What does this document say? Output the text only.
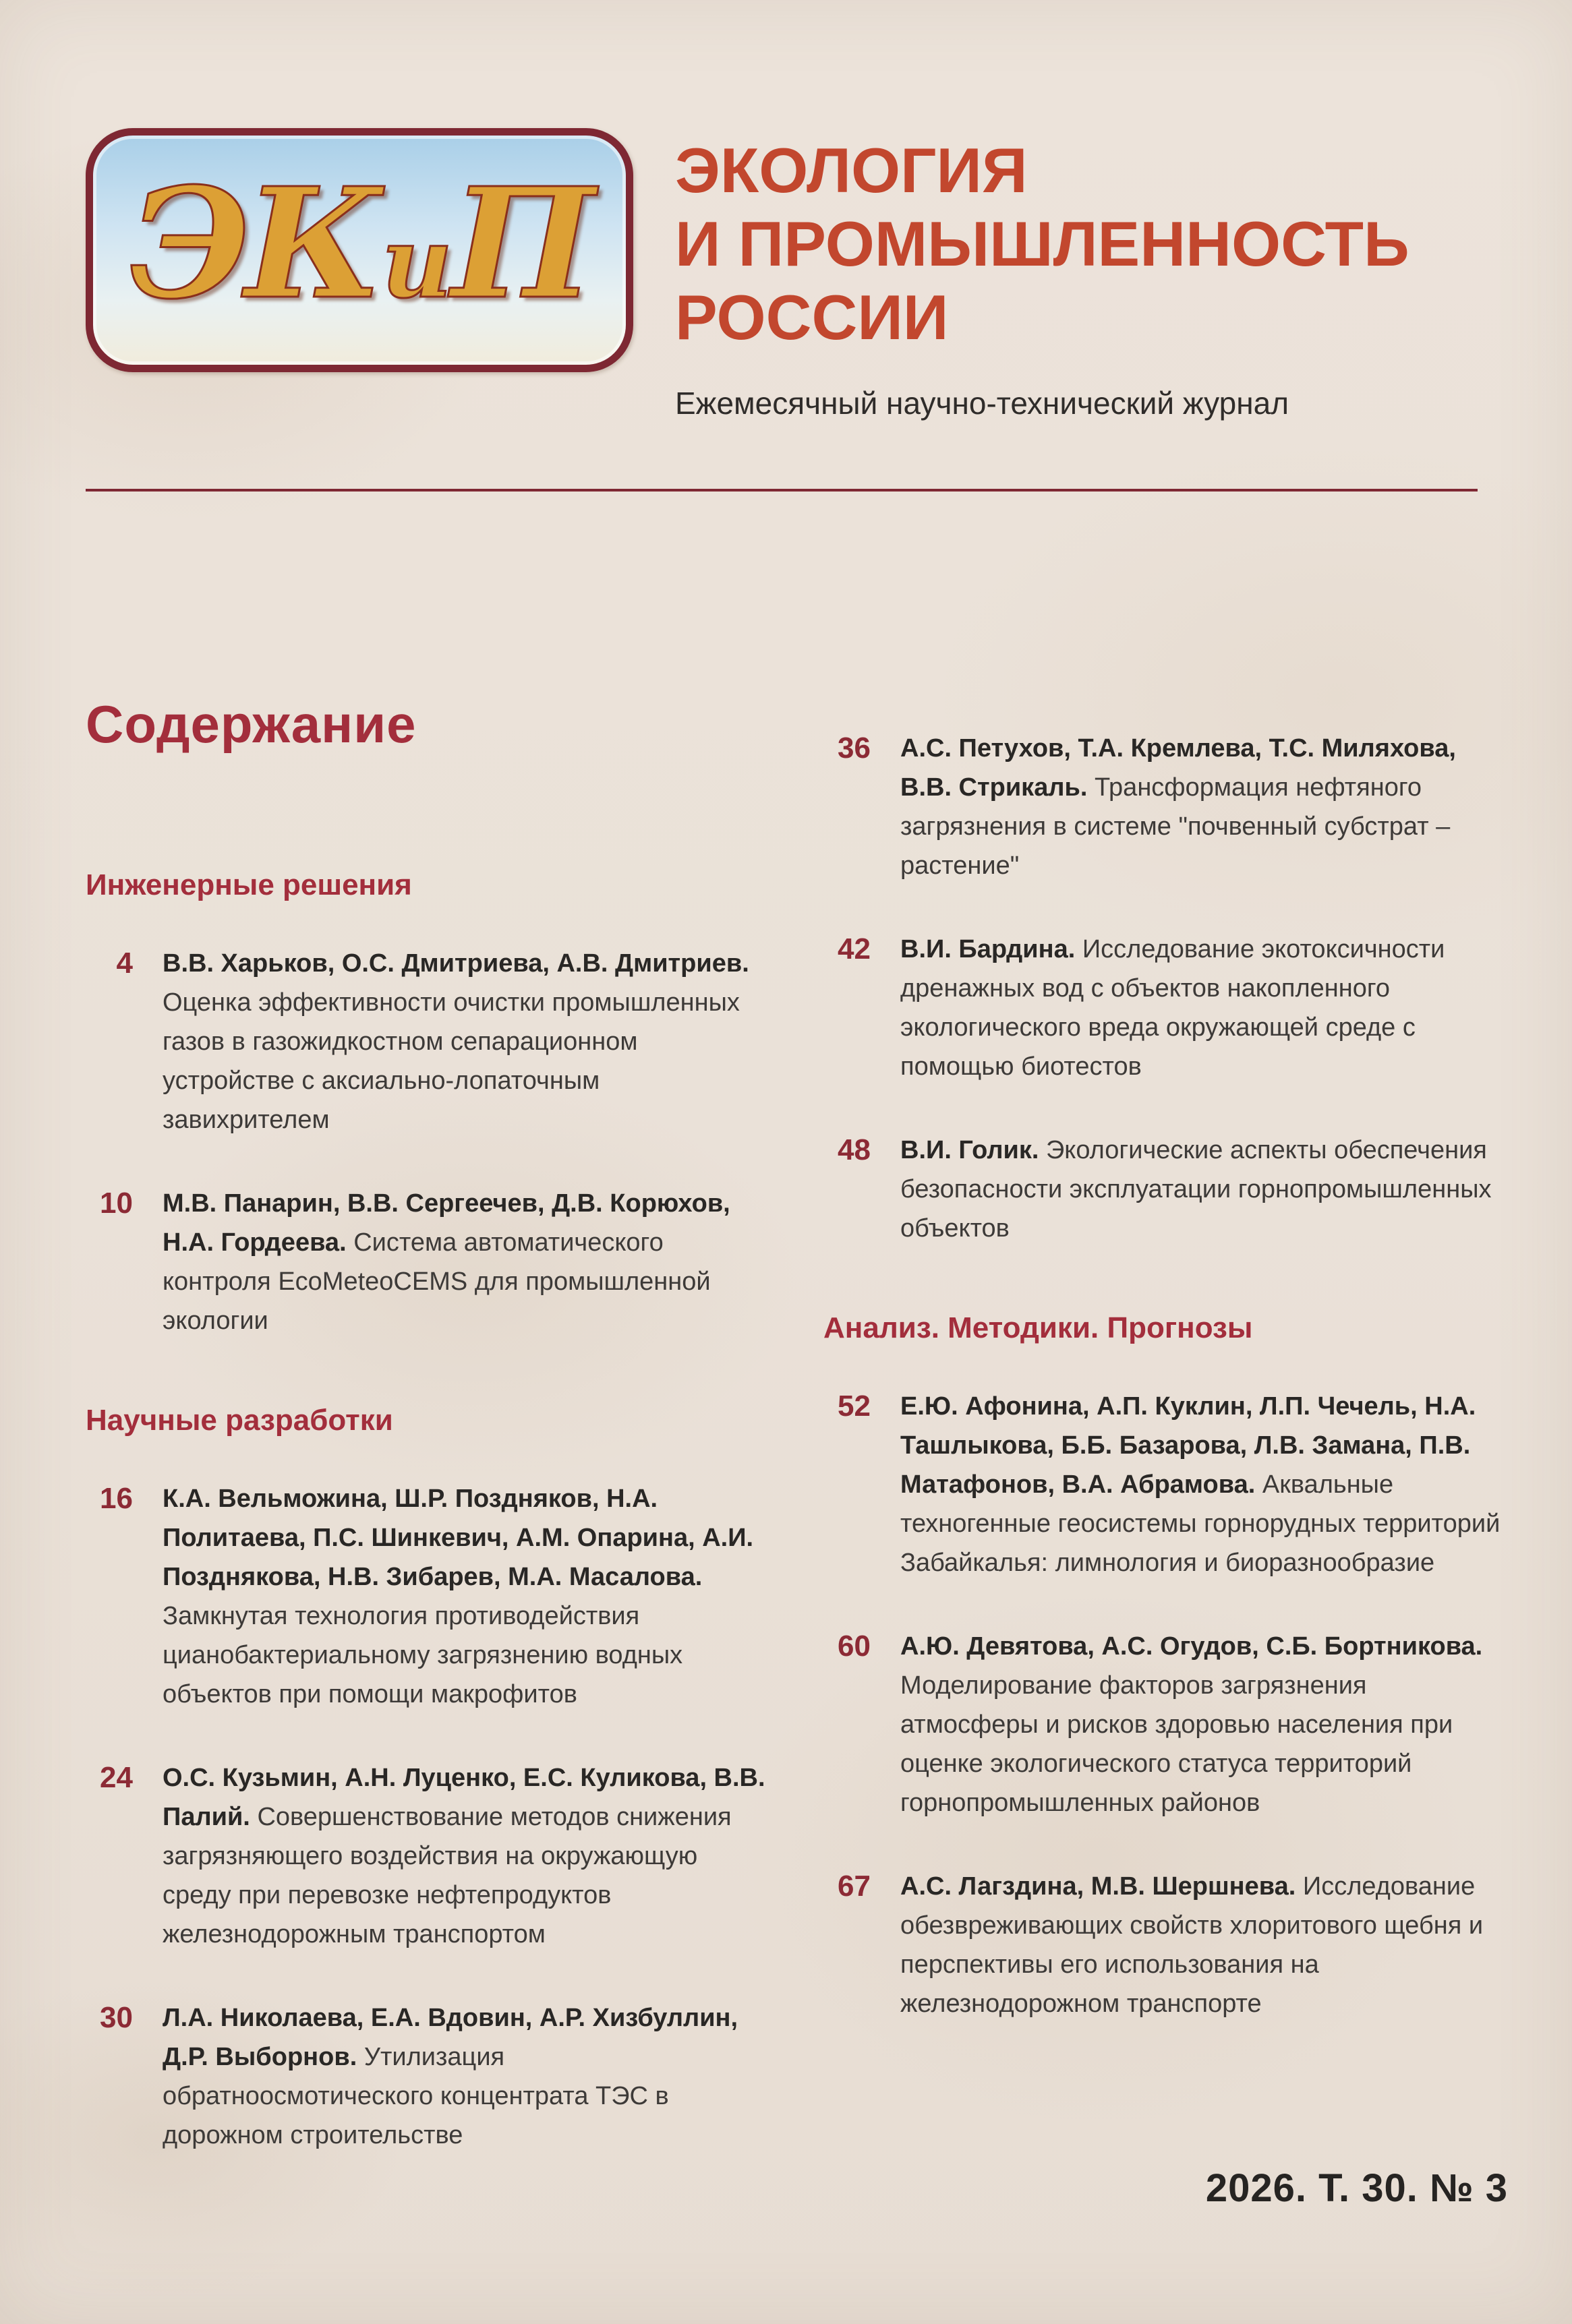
ЭК и П ЭКОЛОГИЯ
И ПРОМЫШЛЕННОСТЬ
РОССИИ

Ежемесячный научно-технический журнал

Содержание
Инженерные решения
4 В.В. Харьков, О.С. Дмитриева, А.В. Дмитриев. Оценка эффективности очистки промышленных газов в газожидкостном сепарационном устройстве с аксиально-лопаточным завихрителем

10 М.В. Панарин, В.В. Сергеечев, Д.В. Корюхов, Н.А. Гордеева. Система автоматического контроля EcoMeteoCEMS для промышленной экологии

Научные разработки
16 К.А. Вельможина, Ш.Р. Поздняков, Н.А. Политаева, П.С. Шинкевич, А.М. Опарина, А.И. Позднякова, Н.В. Зибарев, М.А. Масалова. Замкнутая технология противодействия цианобактериальному загрязнению водных объектов при помощи макрофитов

24 О.С. Кузьмин, А.Н. Луценко, Е.С. Куликова, В.В. Палий. Совершенствование методов снижения загрязняющего воздействия на окружающую среду при перевозке нефтепродуктов железнодорожным транспортом

30 Л.А. Николаева, Е.А. Вдовин, А.Р. Хизбуллин, Д.Р. Выборнов. Утилизация обратноосмотического концентрата ТЭС в дорожном строительстве

36 А.С. Петухов, Т.А. Кремлева, Т.С. Миляхова, В.В. Стрикаль. Трансформация нефтяного загрязнения в системе "почвенный субстрат – растение"

42 В.И. Бардина. Исследование экотоксичности дренажных вод с объектов накопленного экологического вреда окружающей среде с помощью биотестов

48 В.И. Голик. Экологические аспекты обеспечения безопасности эксплуатации горнопромышленных объектов

Анализ. Методики. Прогнозы
52 Е.Ю. Афонина, А.П. Куклин, Л.П. Чечель, Н.А. Ташлыкова, Б.Б. Базарова, Л.В. Замана, П.В. Матафонов, В.А. Абрамова. Аквальные техногенные геосистемы горнорудных территорий Забайкалья: лимнология и биоразнообразие

60 А.Ю. Девятова, А.С. Огудов, С.Б. Бортникова. Моделирование факторов загрязнения атмосферы и рисков здоровью населения при оценке экологического статуса территорий горнопромышленных районов

67 А.С. Лагздина, М.В. Шершнева. Исследование обезвреживающих свойств хлоритового щебня и перспективы его использования на железнодорожном транспорте

2026. Т. 30. № 3
